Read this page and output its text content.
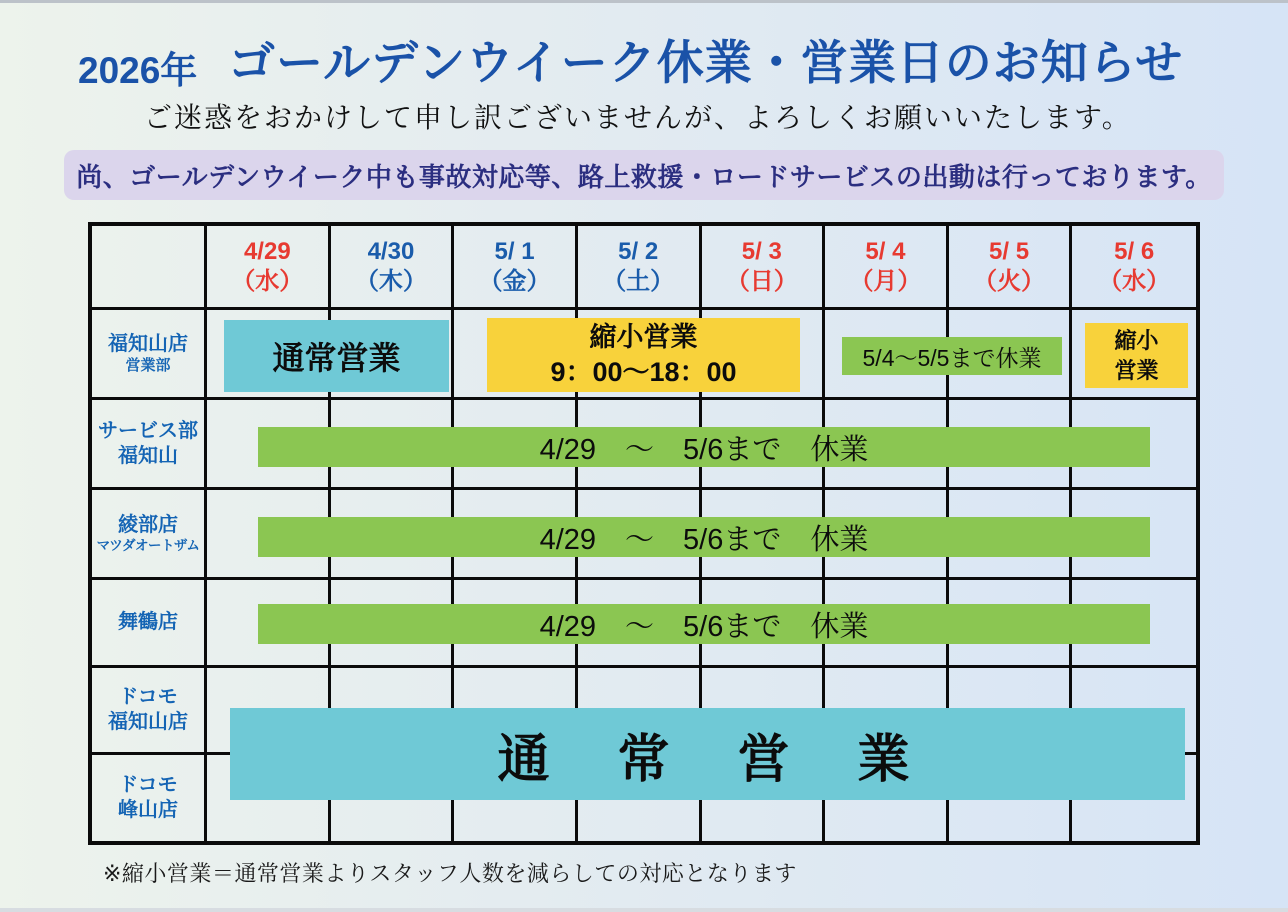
2026年 ゴールデンウイーク休業・営業日のお知らせ
ご迷惑をおかけして申し訳ございませんが、よろしくお願いいたします。
尚、ゴールデンウイーク中も事故対応等、路上救援・ロードサービスの出動は行っております。
4/29
（水）
4/30
（木）
5/ 1
（金）
5/ 2
（土）
5/ 3
（日）
5/ 4
（月）
5/ 5
（火）
5/ 6
（水）
福知山店
営業部
サービス部
福知山
綾部店
マツダオートザム
舞鶴店
ドコモ
福知山店
ドコモ
峰山店
通常営業
縮小営業
9：00～18：00	5/4～5/5まで休業
縮小
営業
4/29　～　5/6まで　休業
4/29　～　5/6まで　休業
4/29　～　5/6まで　休業
通　常　営　業
※縮小営業＝通常営業よりスタッフ人数を減らしての対応となります
